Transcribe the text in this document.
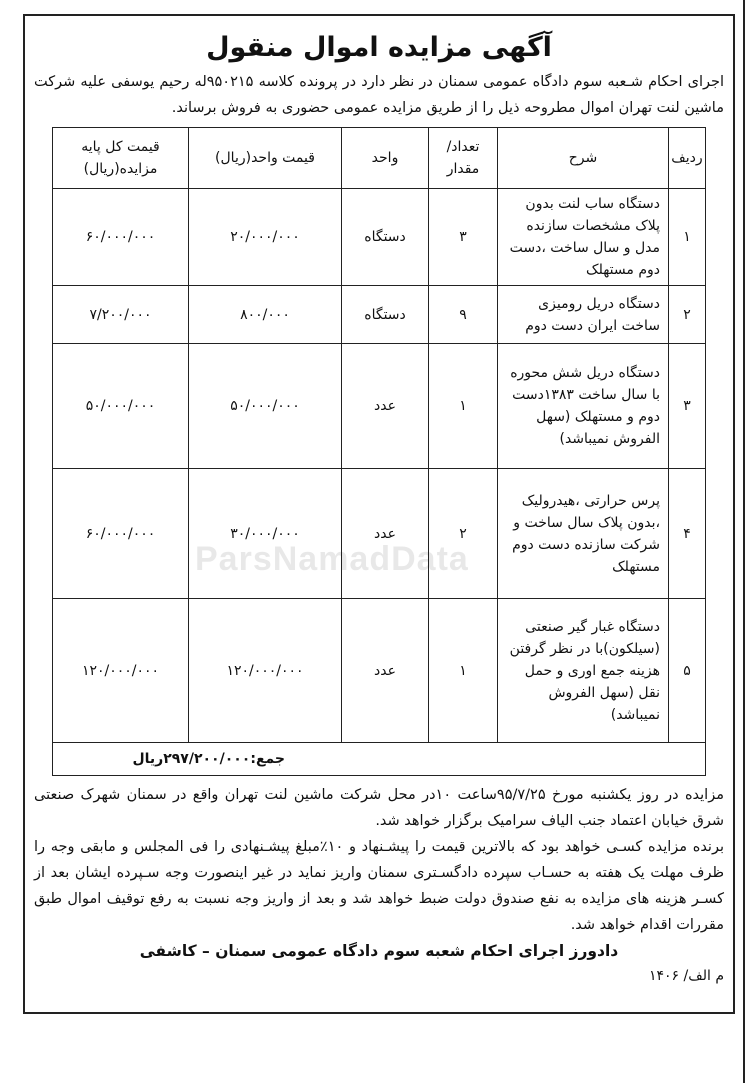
ParsNamadData
آگهی مزایده اموال منقول
اجرای احکام شـعبه سوم دادگاه عمومی سمنان در نظر دارد در پرونده کلاسه ۹۵۰۲۱۵له رحیم یوسفی علیه شرکت ماشین لنت تهران اموال مطروحه ذیل را از طریق مزایده عمومی حضوری به فروش برساند.
ردیف	شرح	تعداد/ مقدار	واحد	قیمت واحد(ریال)	قیمت کل پایه مزایده(ریال)
۱	دستگاه ساب لنت بدون پلاک مشخصات سازنده مدل و سال ساخت ،دست دوم مستهلک	۳	دستگاه	۲۰/۰۰۰/۰۰۰	۶۰/۰۰۰/۰۰۰
۲	دستگاه دریل رومیزی ساخت ایران دست دوم	۹	دستگاه	۸۰۰/۰۰۰	۷/۲۰۰/۰۰۰
۳	دستگاه دریل شش محوره با سال ساخت ۱۳۸۳دست دوم و مستهلک (سهل الفروش نمیباشد)	۱	عدد	۵۰/۰۰۰/۰۰۰	۵۰/۰۰۰/۰۰۰
۴	پرس حرارتی ،هیدرولیک ،بدون پلاک سال ساخت و شرکت سازنده دست دوم مستهلک	۲	عدد	۳۰/۰۰۰/۰۰۰	۶۰/۰۰۰/۰۰۰
۵	دستگاه غبار گیر صنعتی (سیلکون)با در نظر گرفتن هزینه جمع اوری و حمل نقل (سهل الفروش نمیباشد)	۱	عدد	۱۲۰/۰۰۰/۰۰۰	۱۲۰/۰۰۰/۰۰۰
جمع:۲۹۷/۲۰۰/۰۰۰ریال					
مزایده در روز یکشنبه مورخ ۹۵/۷/۲۵ساعت ۱۰در محل شرکت ماشین لنت تهران واقع در سمنان شهرک صنعتی شرق خیابان اعتماد جنب الیاف سرامیک برگزار خواهد شد.
برنده مزایده کسـی خواهد بود که بالاترین قیمت را پیشـنهاد و ۱۰٪مبلغ پیشـنهادی را فی المجلس و مابقی وجه را ظرف مهلت یک هفته به حسـاب سپرده دادگسـتری سمنان واریز نماید در غیر اینصورت وجه سـپرده ایشان بعد از کسـر هزینه های مزایده به نفع صندوق دولت ضبط خواهد شد و بعد از واریز وجه نسبت به رفع توقیف اموال طبق مقررات اقدام خواهد شد.
دادورز اجرای احکام شعبه سوم دادگاه عمومی سمنان – کاشفی
م الف/ ۱۴۰۶
